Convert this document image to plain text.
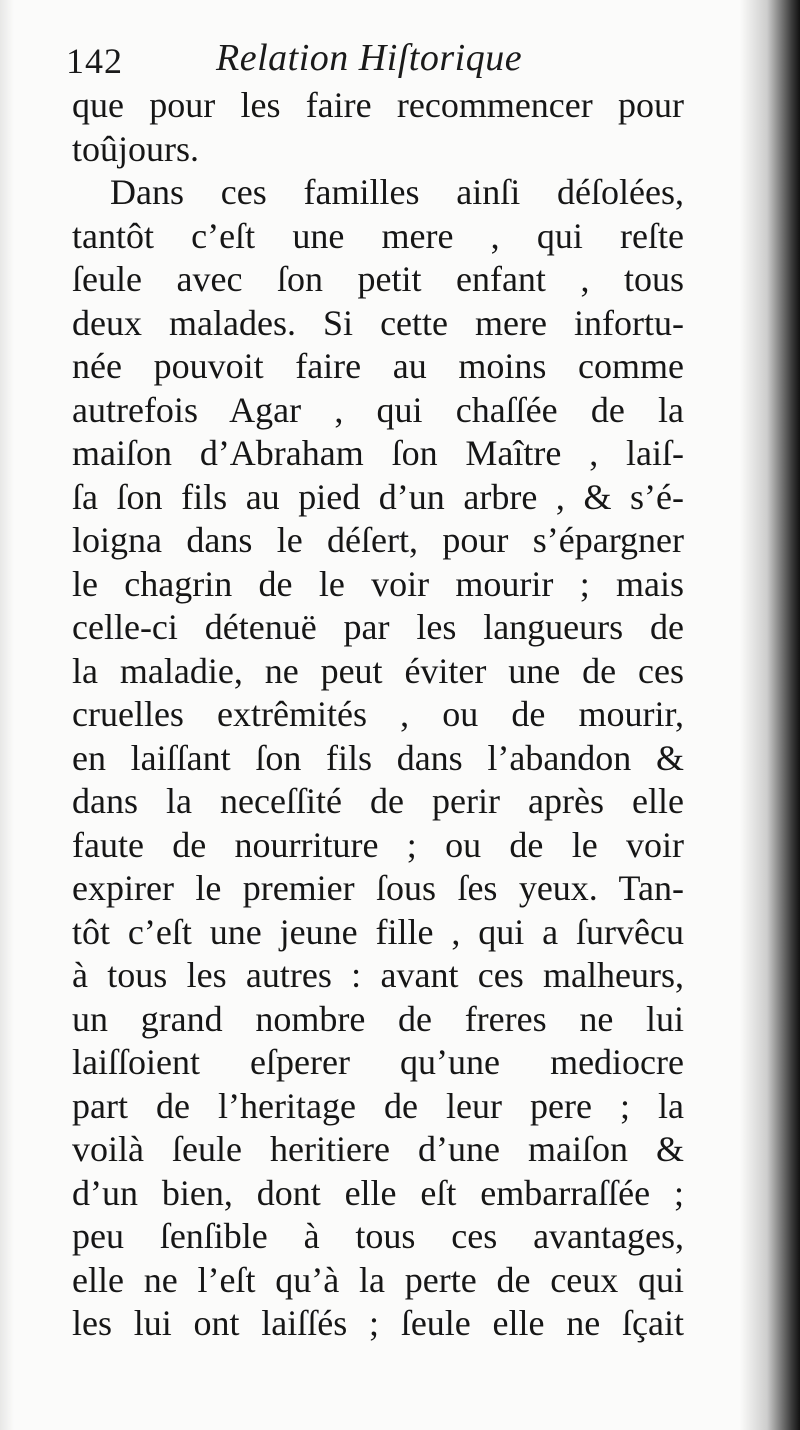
142 Relation Hiſtorique
que pour les faire recommencer pour
toûjours.
Dans ces familles ainſi déſolées,
tantôt c’eſt une mere , qui reſte
ſeule avec ſon petit enfant , tous
deux malades. Si cette mere infortu-
née pouvoit faire au moins comme
autrefois Agar , qui chaſſée de la
maiſon d’Abraham ſon Maître , laiſ-
ſa ſon fils au pied d’un arbre , & s’é-
loigna dans le déſert, pour s’épargner
le chagrin de le voir mourir ; mais
celle-ci détenuë par les langueurs de
la maladie, ne peut éviter une de ces
cruelles extrêmités , ou de mourir,
en laiſſant ſon fils dans l’abandon &
dans la neceſſité de perir après elle
faute de nourriture ; ou de le voir
expirer le premier ſous ſes yeux. Tan-
tôt c’eſt une jeune fille , qui a ſurvêcu
à tous les autres : avant ces malheurs,
un grand nombre de freres ne lui
laiſſoient eſperer qu’une mediocre
part de l’heritage de leur pere ; la
voilà ſeule heritiere d’une maiſon &
d’un bien, dont elle eſt embarraſſée ;
peu ſenſible à tous ces avantages,
elle ne l’eſt qu’à la perte de ceux qui
les lui ont laiſſés ; ſeule elle ne ſçait
